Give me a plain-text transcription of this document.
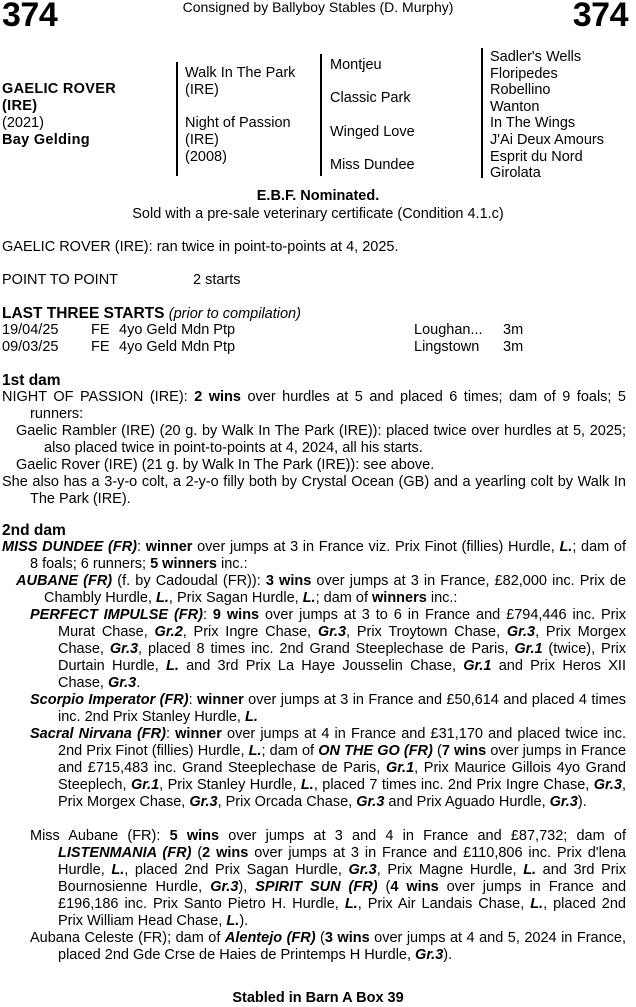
374	Consigned by Ballyboy Stables (D. Murphy)	374
GAELIC ROVER
(IRE)
(2021)
Bay Gelding
Walk In The Park
(IRE)
Night of Passion
(IRE)
(2008)
Montjeu
Classic Park
Winged Love
Miss Dundee
Sadler's Wells
Floripedes
Robellino
Wanton
In The Wings
J'Ai Deux Amours
Esprit du Nord
Girolata
E.B.F. Nominated.
Sold with a pre-sale veterinary certificate (Condition 4.1.c)
GAELIC ROVER (IRE): ran twice in point-to-points at 4, 2025.
POINT TO POINT	2 starts
LAST THREE STARTS (prior to compilation)
19/04/25 FE 4yo Geld Mdn Ptp	Loughan... 3m
09/03/25 FE 4yo Geld Mdn Ptp	Lingstown 3m
1st dam
NIGHT OF PASSION (IRE): 2 wins over hurdles at 5 and placed 6 times; dam of 9 foals; 5 runners:
Gaelic Rambler (IRE) (20 g. by Walk In The Park (IRE)): placed twice over hurdles at 5, 2025; also placed twice in point-to-points at 4, 2024, all his starts.
Gaelic Rover (IRE) (21 g. by Walk In The Park (IRE)): see above.
She also has a 3-y-o colt, a 2-y-o filly both by Crystal Ocean (GB) and a yearling colt by Walk In The Park (IRE).
2nd dam
MISS DUNDEE (FR): winner over jumps at 3 in France viz. Prix Finot (fillies) Hurdle, L.; dam of 8 foals; 6 runners; 5 winners inc.:
AUBANE (FR) (f. by Cadoudal (FR)): 3 wins over jumps at 3 in France, £82,000 inc. Prix de Chambly Hurdle, L., Prix Sagan Hurdle, L.; dam of winners inc.:
PERFECT IMPULSE (FR): 9 wins over jumps at 3 to 6 in France and £794,446 inc. Prix Murat Chase, Gr.2, Prix Ingre Chase, Gr.3, Prix Troytown Chase, Gr.3, Prix Morgex Chase, Gr.3, placed 8 times inc. 2nd Grand Steeplechase de Paris, Gr.1 (twice), Prix Durtain Hurdle, L. and 3rd Prix La Haye Jousselin Chase, Gr.1 and Prix Heros XII Chase, Gr.3.
Scorpio Imperator (FR): winner over jumps at 3 in France and £50,614 and placed 4 times inc. 2nd Prix Stanley Hurdle, L.
Sacral Nirvana (FR): winner over jumps at 4 in France and £31,170 and placed twice inc. 2nd Prix Finot (fillies) Hurdle, L.; dam of ON THE GO (FR) (7 wins over jumps in France and £715,483 inc. Grand Steeplechase de Paris, Gr.1, Prix Maurice Gillois 4yo Grand Steeplech, Gr.1, Prix Stanley Hurdle, L., placed 7 times inc. 2nd Prix Ingre Chase, Gr.3, Prix Morgex Chase, Gr.3, Prix Orcada Chase, Gr.3 and Prix Aguado Hurdle, Gr.3).
Miss Aubane (FR): 5 wins over jumps at 3 and 4 in France and £87,732; dam of LISTENMANIA (FR) (2 wins over jumps at 3 in France and £110,806 inc. Prix d'lena Hurdle, L., placed 2nd Prix Sagan Hurdle, Gr.3, Prix Magne Hurdle, L. and 3rd Prix Bournosienne Hurdle, Gr.3), SPIRIT SUN (FR) (4 wins over jumps in France and £196,186 inc. Prix Santo Pietro H. Hurdle, L., Prix Air Landais Chase, L., placed 2nd Prix William Head Chase, L.).
Aubana Celeste (FR); dam of Alentejo (FR) (3 wins over jumps at 4 and 5, 2024 in France, placed 2nd Gde Crse de Haies de Printemps H Hurdle, Gr.3).
Stabled in Barn A Box 39
